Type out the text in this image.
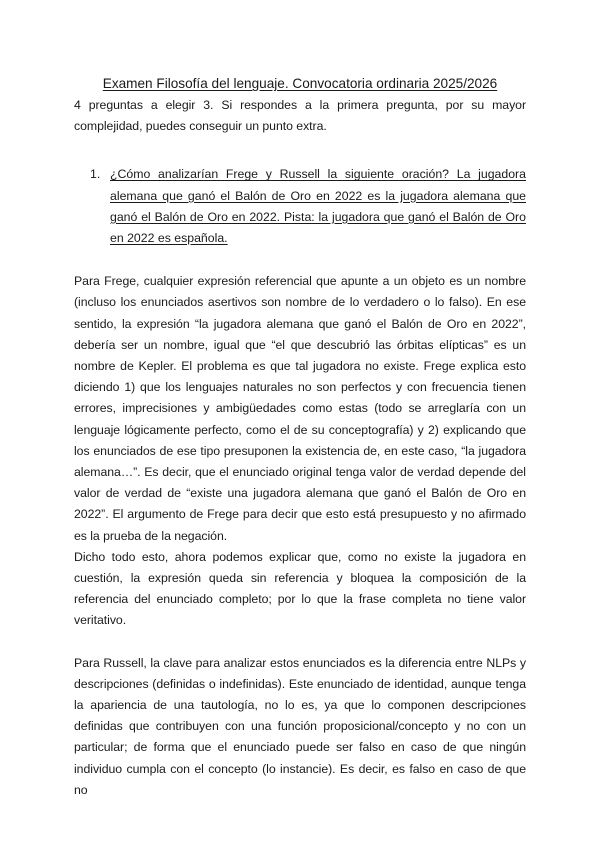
Examen Filosofía del lenguaje. Convocatoria ordinaria 2025/2026

4 preguntas a elegir 3. Si respondes a la primera pregunta, por su mayor complejidad, puedes conseguir un punto extra.

1. ¿Cómo analizarían Frege y Russell la siguiente oración? La jugadora alemana que ganó el Balón de Oro en 2022 es la jugadora alemana que ganó el Balón de Oro en 2022. Pista: la jugadora que ganó el Balón de Oro en 2022 es española.

Para Frege, cualquier expresión referencial que apunte a un objeto es un nombre (incluso los enunciados asertivos son nombre de lo verdadero o lo falso). En ese sentido, la expresión “la jugadora alemana que ganó el Balón de Oro en 2022”, debería ser un nombre, igual que “el que descubrió las órbitas elípticas” es un nombre de Kepler. El problema es que tal jugadora no existe. Frege explica esto diciendo 1) que los lenguajes naturales no son perfectos y con frecuencia tienen errores, imprecisiones y ambigüedades como estas (todo se arreglaría con un lenguaje lógicamente perfecto, como el de su conceptografía) y 2) explicando que los enunciados de ese tipo presuponen la existencia de, en este caso, “la jugadora alemana…”. Es decir, que el enunciado original tenga valor de verdad depende del valor de verdad de “existe una jugadora alemana que ganó el Balón de Oro en 2022”. El argumento de Frege para decir que esto está presupuesto y no afirmado es la prueba de la negación.

Dicho todo esto, ahora podemos explicar que, como no existe la jugadora en cuestión, la expresión queda sin referencia y bloquea la composición de la referencia del enunciado completo; por lo que la frase completa no tiene valor veritativo.

Para Russell, la clave para analizar estos enunciados es la diferencia entre NLPs y descripciones (definidas o indefinidas). Este enunciado de identidad, aunque tenga la apariencia de una tautología, no lo es, ya que lo componen descripciones definidas que contribuyen con una función proposicional/concepto y no con un particular; de forma que el enunciado puede ser falso en caso de que ningún individuo cumpla con el concepto (lo instancie). Es decir, es falso en caso de que no
